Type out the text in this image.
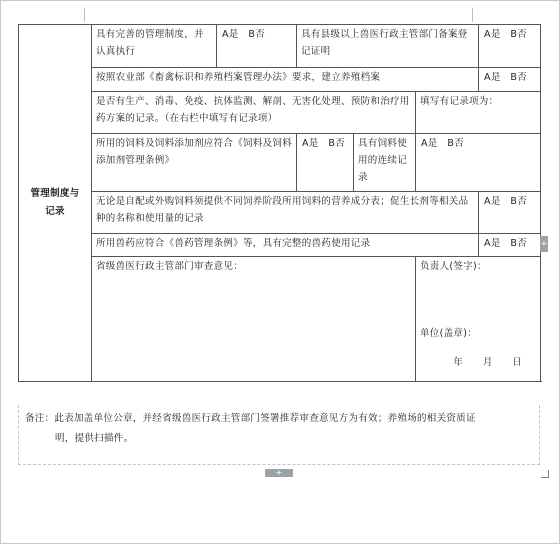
管理制度与
记录	具有完善的管理制度，并认真执行	A是　B否	具有县级以上兽医行政主管部门备案登记证明			A是　B否
	按照农业部《畜禽标识和养殖档案管理办法》要求，建立养殖档案					A是　B否
	是否有生产、消毒、免疫、抗体监测、解剖、无害化处理、预防和治疗用药方案的记录。（在右栏中填写有记录项）				填写有记录项为：	
	所用的饲料及饲料添加剂应符合《饲料及饲料添加剂管理条例》		A是　B否	具有饲料使用的连续记录	A是　B否	
	无论是自配或外购饲料须提供不同饲养阶段所用饲料的营养成分表；促生长剂等相关品种的名称和使用量的记录					A是　B否
	所用兽药应符合《兽药管理条例》等，具有完整的兽药使用记录					A是　B否
	省级兽医行政主管部门审查意见：				负责人(签字)：
单位(盖章)：
年　　月　　日	
备注：此表加盖单位公章，并经省级兽医行政主管部门签署推荐审查意见方为有效；养殖场的相关资质证
明，提供扫描件。
+
+
